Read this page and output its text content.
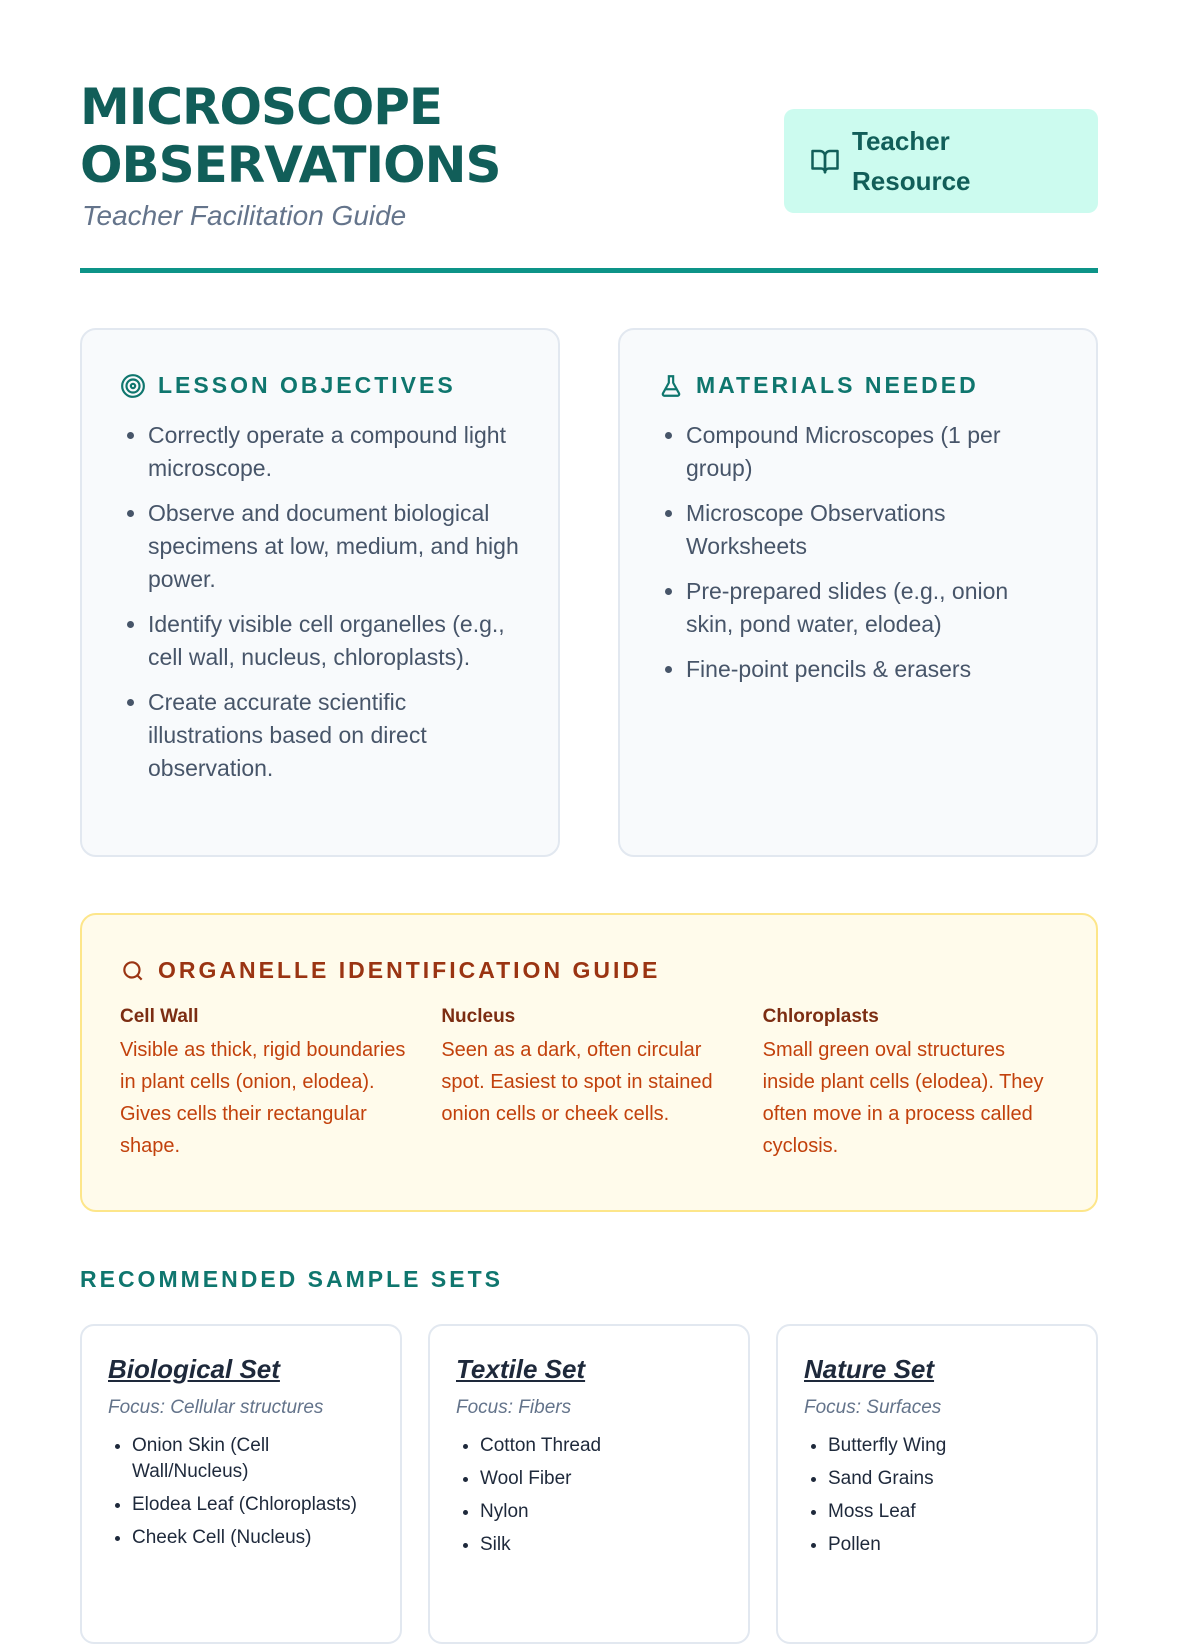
MICROSCOPE
OBSERVATIONS
Teacher Facilitation Guide
Teacher
Resource
LESSON OBJECTIVES
• Correctly operate a compound light microscope.
• Observe and document biological specimens at low, medium, and high power.
• Identify visible cell organelles (e.g., cell wall, nucleus, chloroplasts).
• Create accurate scientific illustrations based on direct observation.
MATERIALS NEEDED
• Compound Microscopes (1 per group)
• Microscope Observations Worksheets
• Pre-prepared slides (e.g., onion skin, pond water, elodea)
• Fine-point pencils & erasers
ORGANELLE IDENTIFICATION GUIDE
Cell Wall
Visible as thick, rigid boundaries in plant cells (onion, elodea). Gives cells their rectangular shape.
Nucleus
Seen as a dark, often circular spot. Easiest to spot in stained onion cells or cheek cells.
Chloroplasts
Small green oval structures inside plant cells (elodea). They often move in a process called cyclosis.
RECOMMENDED SAMPLE SETS
Biological Set
Focus: Cellular structures
• Onion Skin (Cell Wall/Nucleus)
• Elodea Leaf (Chloroplasts)
• Cheek Cell (Nucleus)
Textile Set
Focus: Fibers
• Cotton Thread
• Wool Fiber
• Nylon
• Silk
Nature Set
Focus: Surfaces
• Butterfly Wing
• Sand Grains
• Moss Leaf
• Pollen
